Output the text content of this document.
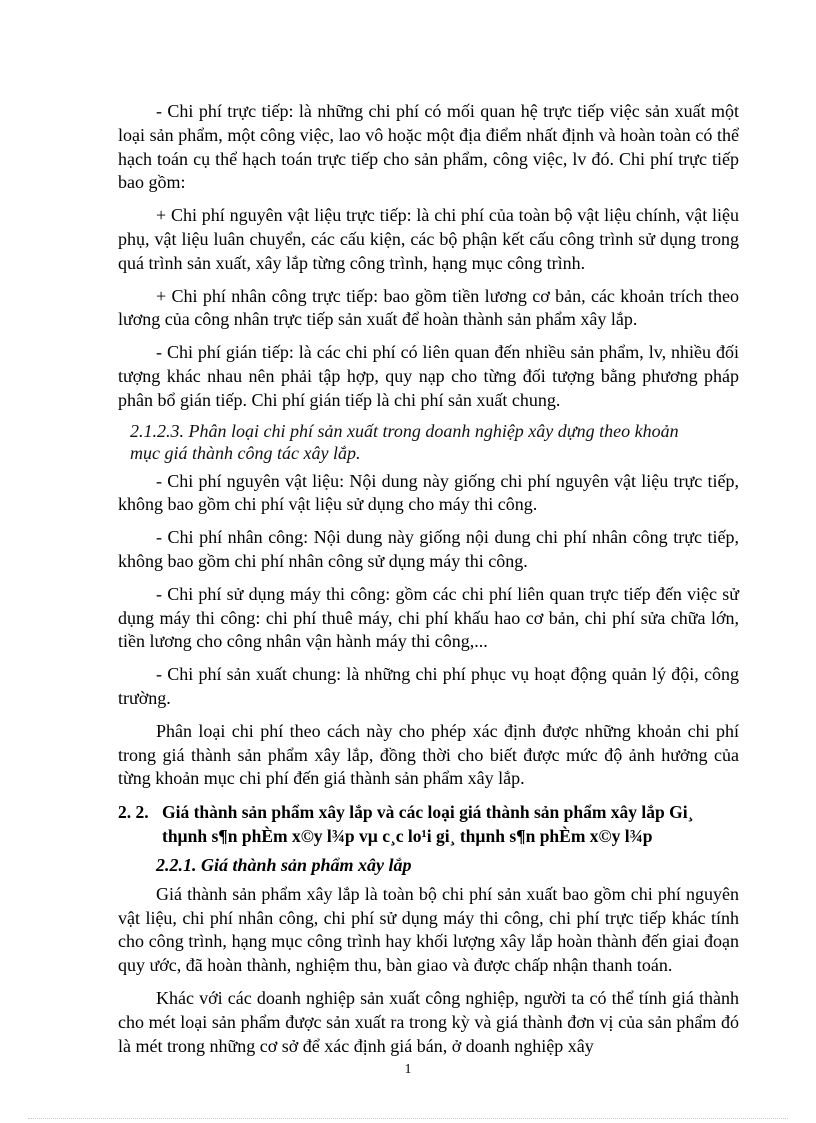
- Chi phí trực tiếp: là những chi phí có mối quan hệ trực tiếp việc sản xuất một loại sản phẩm, một công việc, lao vô hoặc một địa điểm nhất định và hoàn toàn có thể hạch toán cụ thể hạch toán trực tiếp cho sản phẩm, công việc, lv đó. Chi phí trực tiếp bao gồm:

+ Chi phí nguyên vật liệu trực tiếp: là chi phí của toàn bộ vật liệu chính, vật liệu phụ, vật liệu luân chuyển, các cấu kiện, các bộ phận kết cấu công trình sử dụng trong quá trình sản xuất, xây lắp từng công trình, hạng mục công trình.

+ Chi phí nhân công trực tiếp: bao gồm tiền lương cơ bản, các khoản trích theo lương của công nhân trực tiếp sản xuất để hoàn thành sản phẩm xây lắp.

- Chi phí gián tiếp: là các chi phí có liên quan đến nhiều sản phẩm, lv, nhiều đối tượng khác nhau nên phải tập hợp, quy nạp cho từng đối tượng bằng phương pháp phân bổ gián tiếp. Chi phí gián tiếp là chi phí sản xuất chung.

2.1.2.3. Phân loại chi phí sản xuất trong doanh nghiệp xây dựng theo khoản mục giá thành công tác xây lắp.

- Chi phí nguyên vật liệu: Nội dung này giống chi phí nguyên vật liệu trực tiếp, không bao gồm chi phí vật liệu sử dụng cho máy thi công.

- Chi phí nhân công: Nội dung này giống nội dung chi phí nhân công trực tiếp, không bao gồm chi phí nhân công sử dụng máy thi công.

- Chi phí sử dụng máy thi công: gồm các chi phí liên quan trực tiếp đến việc sử dụng máy thi công: chi phí thuê máy, chi phí khấu hao cơ bản, chi phí sửa chữa lớn, tiền lương cho công nhân vận hành máy thi công,...

- Chi phí sản xuất chung: là những chi phí phục vụ hoạt động quản lý đội, công trường.

Phân loại chi phí theo cách này cho phép xác định được những khoản chi phí trong giá thành sản phẩm xây lắp, đồng thời cho biết được mức độ ảnh hưởng của từng khoản mục chi phí đến giá thành sản phẩm xây lắp.

2. 2. Giá thành sản phẩm xây lắp và các loại giá thành sản phẩm xây lắp Gi¸ thµnh s¶n phÈm x©y l¾p vµ c¸c lo¹i gi¸ thµnh s¶n phÈm x©y l¾p
2.2.1. Giá thành sản phẩm xây lắp

Giá thành sản phẩm xây lắp là toàn bộ chi phí sản xuất bao gồm chi phí nguyên vật liệu, chi phí nhân công, chi phí sử dụng máy thi công, chi phí trực tiếp khác tính cho công trình, hạng mục công trình hay khối lượng xây lắp hoàn thành đến giai đoạn quy ước, đã hoàn thành, nghiệm thu, bàn giao và được chấp nhận thanh toán.

Khác với các doanh nghiệp sản xuất công nghiệp, người ta có thể tính giá thành cho mét loại sản phẩm được sản xuất ra trong kỳ và giá thành đơn vị của sản phẩm đó là mét trong những cơ sở để xác định giá bán, ở doanh nghiệp xây

1
